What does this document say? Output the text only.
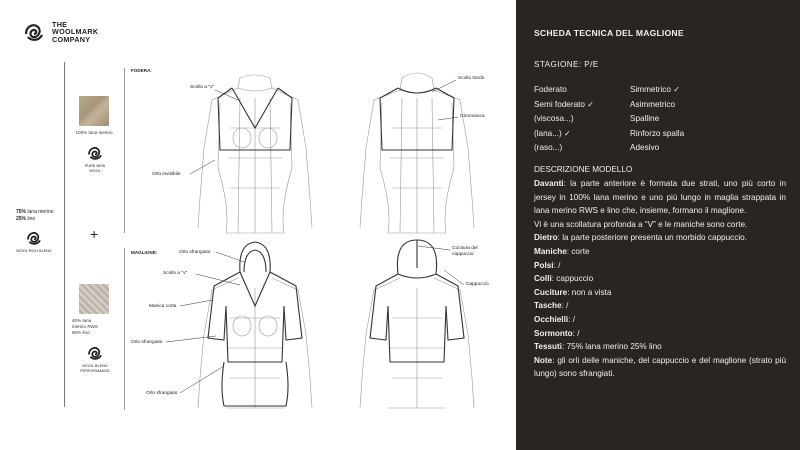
THE
WOOLMARK
COMPANY
FODERA:
MAGLIONE:
100% lana merino
PURE NEW WOOL
75% lana merino
25% lino
WOOL RICH BLEND
+
40% lana
merino RWS
60% lino
WOOL BLEND
PERFORMANCE
Scollo a "v"
Orlo invisibile
Scollo tondo
Giromanica
Orlo sfrangiato
Scollo a "v"
Manica corta
Orlo sfrangiato
Orlo sfrangiato
Cucitura del
cappuccio
Cappuccio
SCHEDA TECNICA DEL MAGLIONE
STAGIONE: P/E
Foderato	Simmetrico ✓
Semi foderato ✓	Asimmetrico
(viscosa...)	Spalline
(lana...) ✓	Rinforzo spalla
(raso...)	Adesivo
DESCRIZIONE MODELLO

Davanti: la parte anteriore è formata due strati, uno più corto in jersey in 100% lana merino e uno più lungo in maglia strappata in lana merino RWS e lino che, insieme, formano il maglione.

Vi è una scollatura profonda a “V” e le maniche sono corte.

Dietro: la parte posteriore presenta un morbido cappuccio.

Maniche: corte

Polsi: /

Colli: cappuccio

Cuciture: non a vista

Tasche: /

Occhielli: /

Sormonto: /

Tessuti: 75% lana merino 25% lino

Note: gli orli delle maniche, del cappuccio e del maglione (strato più lungo) sono sfrangiati.
